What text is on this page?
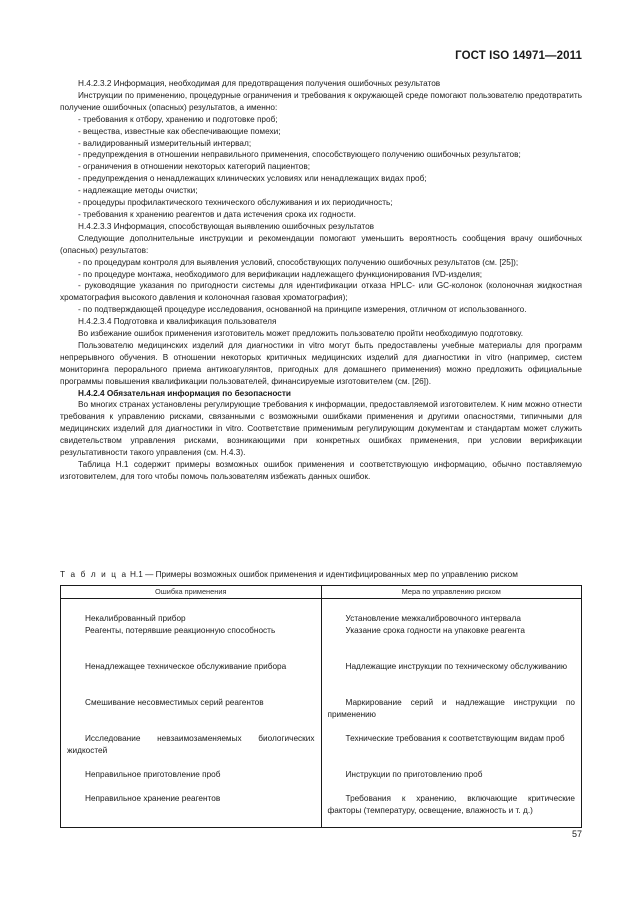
ГОСТ ISO 14971—2011

Н.4.2.3.2 Информация, необходимая для предотвращения получения ошибочных результатов

Инструкции по применению, процедурные ограничения и требования к окружающей среде помогают пользователю предотвратить получение ошибочных (опасных) результатов, а именно:

- требования к отбору, хранению и подготовке проб;

- вещества, известные как обеспечивающие помехи;

- валидированный измерительный интервал;

- предупреждения в отношении неправильного применения, способствующего получению ошибочных результатов;

- ограничения в отношении некоторых категорий пациентов;

- предупреждения о ненадлежащих клинических условиях или ненадлежащих видах проб;

- надлежащие методы очистки;

- процедуры профилактического технического обслуживания и их периодичность;

- требования к хранению реагентов и дата истечения срока их годности.

Н.4.2.3.3 Информация, способствующая выявлению ошибочных результатов

Следующие дополнительные инструкции и рекомендации помогают уменьшить вероятность сообщения врачу ошибочных (опасных) результатов:

- по процедурам контроля для выявления условий, способствующих получению ошибочных результатов (см. [25]);

- по процедуре монтажа, необходимого для верификации надлежащего функционирования IVD-изделия;

- руководящие указания по пригодности системы для идентификации отказа HPLC- или GC-колонок (колоночная жидкостная хроматография высокого давления и колоночная газовая хроматография);

- по подтверждающей процедуре исследования, основанной на принципе измерения, отличном от использованного.

Н.4.2.3.4 Подготовка и квалификация пользователя

Во избежание ошибок применения изготовитель может предложить пользователю пройти необходимую подготовку.

Пользователю медицинских изделий для диагностики in vitro могут быть предоставлены учебные материалы для программ непрерывного обучения. В отношении некоторых критичных медицинских изделий для диагностики in vitro (например, систем мониторинга перорального приема антикоагулянтов, пригодных для домашнего применения) можно предложить официальные программы повышения квалификации пользователей, финансируемые изготовителем (см. [26]).

Н.4.2.4 Обязательная информация по безопасности

Во многих странах установлены регулирующие требования к информации, предоставляемой изготовителем. К ним можно отнести требования к управлению рисками, связанными с возможными ошибками применения и другими опасностями, типичными для медицинских изделий для диагностики in vitro. Соответствие применимым регулирующим документам и стандартам может служить свидетельством управления рисками, возникающими при конкретных ошибках применения, при условии верификации результативности такого управления (см. Н.4.3).

Таблица Н.1 содержит примеры возможных ошибок применения и соответствующую информацию, обычно поставляемую изготовителем, для того чтобы помочь пользователям избежать данных ошибок.

Т а б л и ц а Н.1 — Примеры возможных ошибок применения и идентифицированных мер по управлению риском
Ошибка применения	Мера по управлению риском

Некалиброванный прибор	Установление межкалибровочного интервала

Реагенты, потерявшие реакционную способность	Указание срока годности на упаковке реагента

Ненадлежащее техническое обслуживание прибора	Надлежащие инструкции по техническому обслуживанию

Смешивание несовместимых серий реагентов	Маркирование серий и надлежащие инструкции по применению

Исследование невзаимозаменяемых биологических жидкостей	Технические требования к соответствующим видам проб

Неправильное приготовление проб	Инструкции по приготовлению проб

Неправильное хранение реагентов	Требования к хранению, включающие критические факторы (температуру, освещение, влажность и т. д.)
57
